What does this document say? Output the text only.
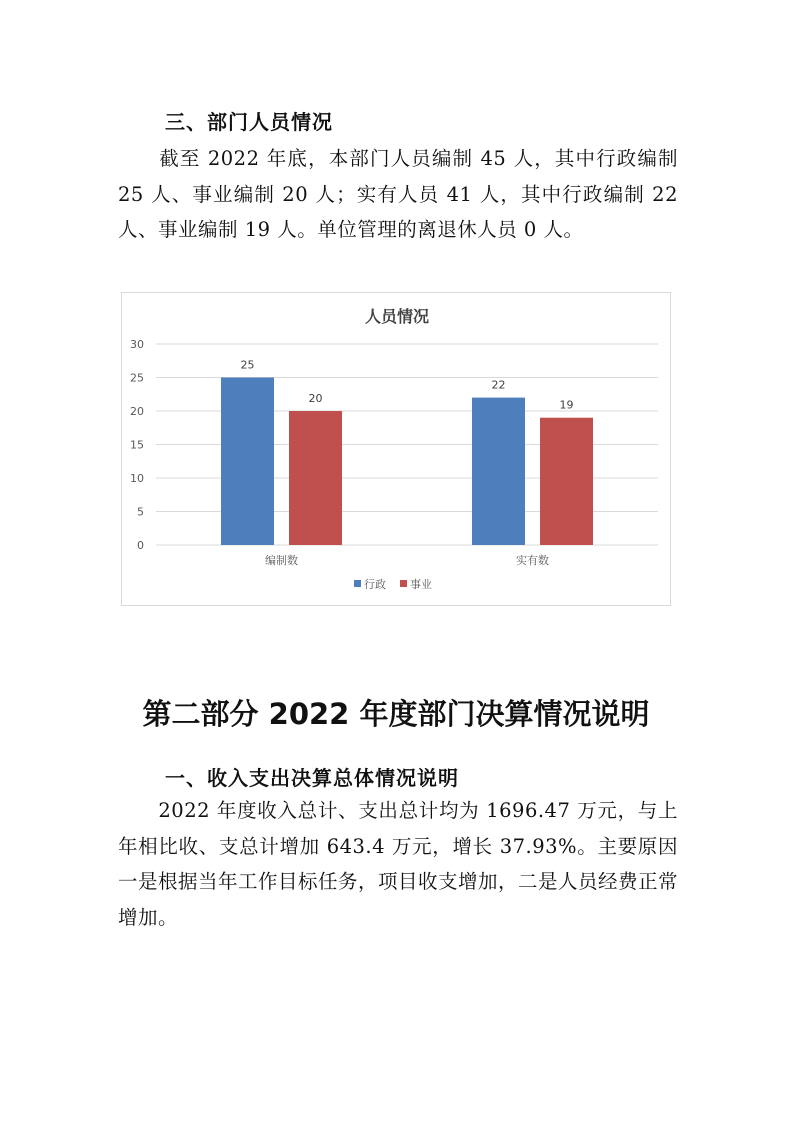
三、部门人员情况

　　截至 2022 年底，本部门人员编制 45 人，其中行政编制 25 人、事业编制 20 人；实有人员 41 人，其中行政编制 22 人、事业编制 19 人。单位管理的离退休人员 0 人。

人员情况
0
5
10
15
20
25
30
25
20
编制数
22
19
实有数
行政 事业
第二部分 2022 年度部门决算情况说明
一、收入支出决算总体情况说明

　　2022 年度收入总计、支出总计均为 1696.47 万元，与上年相比收、支总计增加 643.4 万元，增长 37.93%。主要原因一是根据当年工作目标任务，项目收支增加，二是人员经费正常增加。
